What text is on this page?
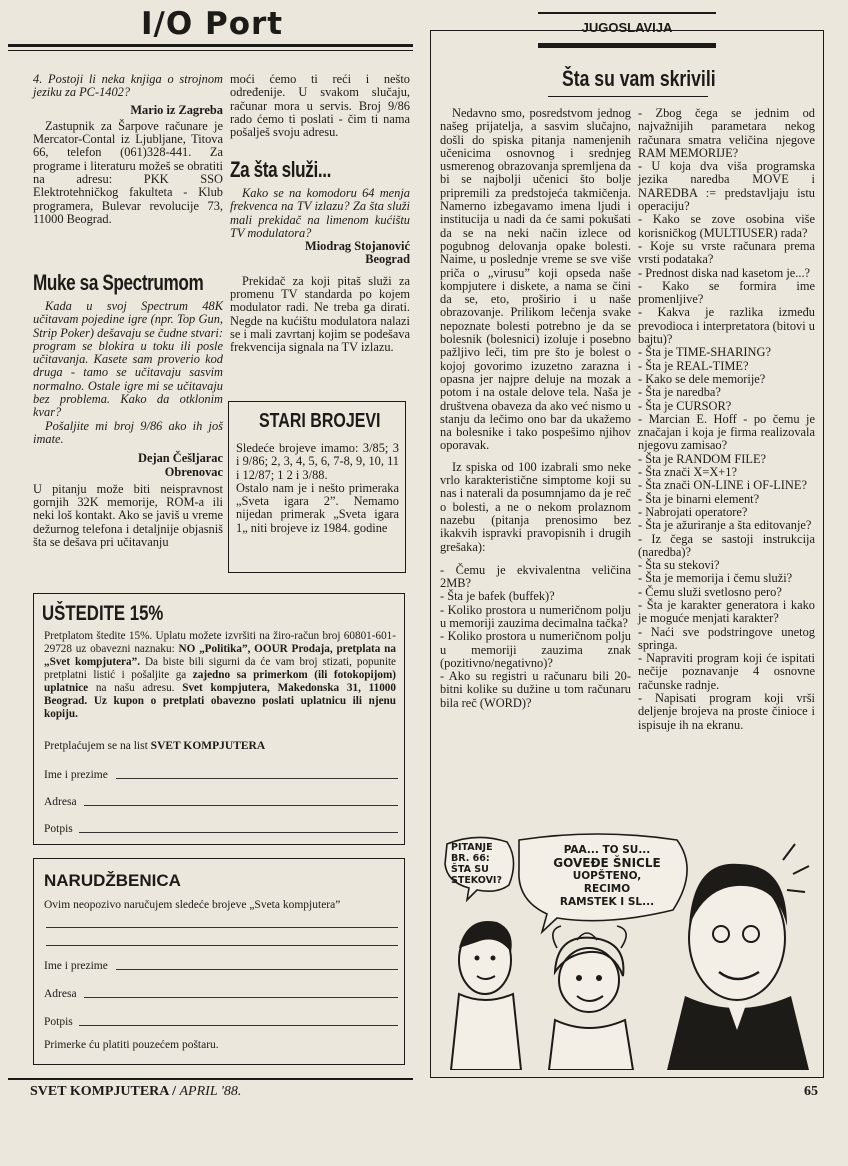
I/O Port	JUGOSLAVIJA

4. Postoji li neka knjiga o strojnom jeziku za PC-1402?

Mario iz Zagreba

Zastupnik za Šarpove računare je Mercator-Contal iz Ljubljane, Titova 66, telefon (061)328-441. Za programe i literaturu možeš se obratiti na adresu: PKK SSO Elektrotehničkog fakulteta - Klub programera, Bulevar revolucije 73, 11000 Beograd.

Muke sa Spectrumom

Kada u svoj Spectrum 48K učitavam pojedine igre (npr. Top Gun, Strip Poker) dešavaju se čudne stvari: program se blokira u toku ili posle učitavanja. Kasete sam proverio kod druga - tamo se učitavaju sasvim normalno. Ostale igre mi se učitavaju bez problema. Kako da otklonim kvar?

Pošaljite mi broj 9/86 ako ih još imate.

Dejan Češljarac

Obrenovac

U pitanju može biti neispravnost gornjih 32K memorije, ROM-a ili neki loš kontakt. Ako se javiš u vreme dežurnog telefona i detaljnije objasniš šta se dešava pri učitavanju

moći ćemo ti reći i nešto određenije. U svakom slučaju, računar mora u servis. Broj 9/86 rado ćemo ti poslati - čim ti nama pošalješ svoju adresu.

Za šta služi...

Kako se na komodoru 64 menja frekvenca na TV izlazu? Za šta služi mali prekidač na limenom kućištu TV modulatora?

Miodrag Stojanović

Beograd

Prekidač za koji pitaš služi za promenu TV standarda po kojem modulator radi. Ne treba ga dirati. Negde na kućištu modulatora nalazi se i mali zavrtanj kojim se podešava frekvencija signala na TV izlazu.

STARI BROJEVI

Sledeće brojeve imamo: 3/85; 3 i 9/86; 2, 3, 4, 5, 6, 7-8, 9, 10, 11 i 12/87; 1 2 i 3/88.

Ostalo nam je i nešto primeraka „Sveta igara 2”. Nemamo nijedan primerak „Sveta igara 1„ niti brojeve iz 1984. godine

UŠTEDITE 15%
Pretplatom štedite 15%. Uplatu možete izvršiti na žiro-račun broj 60801-601-29728 uz obavezni naznaku: NO „Politika”, OOUR Prodaja, pretplata na „Svet kompjutera”. Da biste bili sigurni da će vam broj stizati, popunite pretplatni listić i pošaljite ga zajedno sa primerkom (ili fotokopijom) uplatnice na našu adresu. Svet kompjutera, Makedonska 31, 11000 Beograd. Uz kupon o pretplati obavezno poslati uplatnicu ili njenu kopiju.
Pretplaćujem se na list SVET KOMPJUTERA
Ime i prezime
Adresa
Potpis
NARUDŽBENICA
Ovim neopozivo naručujem sledeće brojeve „Sveta kompjutera”
Ime i prezime
Adresa
Potpis
Primerke ću platiti pouzećem poštaru.
Šta su vam skrivili

Nedavno smo, posredstvom jednog našeg prijatelja, a sasvim slučajno, došli do spiska pitanja namenjenih učenicima osnovnog i srednjeg usmerenog obrazovanja spremljena da bi se najbolji učenici što bolje pripremili za predstojeća takmičenja. Namerno izbegavamo imena ljudi i institucija u nadi da će sami pokušati da se na neki način izlece od pogubnog delovanja opake bolesti. Naime, u poslednje vreme se sve više priča o „virusu” koji opseda naše kompjutere i diskete, a nama se čini da se, eto, proširio i u naše obrazovanje. Prilikom lečenja svake nepoznate bolesti potrebno je da se bolesnik (bolesnici) izoluje i posebno pažljivo leči, tim pre što je bolest o kojoj govorimo izuzetno zarazna i opasna jer najpre deluje na mozak a potom i na ostale delove tela. Naša je društvena obaveza da ako već nismo u stanju da lečimo ono bar da ukažemo na bolesnike i tako pospešimo njihov oporavak.

Iz spiska od 100 izabrali smo neke vrlo karakteristične simptome koji su nas i naterali da posumnjamo da je reč o bolesti, a ne o nekom prolaznom nazebu (pitanja prenosimo bez ikakvih ispravki pravopisnih i drugih grešaka):

- Čemu je ekvivalentna veličina 2MB?

- Šta je bafek (buffek)?

- Koliko prostora u numeričnom polju u memoriji zauzima decimalna tačka?

- Koliko prostora u numeričnom polju u memoriji zauzima znak (pozitivno/negativno)?

- Ako su registri u računaru bili 20-bitni kolike su dužine u tom računaru bila reč (WORD)?

- Zbog čega se jednim od najvažnijih parametara nekog računara smatra veličina njegove RAM MEMORIJE?

- U koja dva viša programska jezika naredba MOVE i NAREDBA := predstavljaju istu operaciju?

- Kako se zove osobina više korisničkog (MULTIUSER) rada?

- Koje su vrste računara prema vrsti podataka?

- Prednost diska nad kasetom je...?

- Kako se formira ime promenljive?

- Kakva je razlika između prevodioca i interpretatora (bitovi u bajtu)?

- Šta je TIME-SHARING?

- Šta je REAL-TIME?

- Kako se dele memorije?

- Šta je naredba?

- Šta je CURSOR?

- Marcian E. Hoff - po čemu je značajan i koja je firma realizovala njegovu zamisao?

- Šta je RANDOM FILE?

- Šta znači X=X+1?

- Šta znači ON-LINE i OF-LINE?

- Šta je binarni element?

- Nabrojati operatore?

- Šta je ažuriranje a šta editovanje?

- Iz čega se sastoji instrukcija (naredba)?

- Šta su stekovi?

- Šta je memorija i čemu služi?

- Čemu služi svetlosno pero?

- Šta je karakter generatora i kako je moguće menjati karakter?

- Naći sve podstringove unetog springa.

- Napraviti program koji će ispitati nečije poznavanje 4 osnovne računske radnje.

- Napisati program koji vrši deljenje brojeva na proste činioce i ispisuje ih na ekranu.

PITANJE
BR. 66:
ŠTA SU
STEKOVI?
PAA... TO SU...
GOVEĐE ŠNICLE
UOPŠTENO,
RECIMO
RAMSTEK I SL...
SVET KOMPJUTERA / APRIL '88.	65
